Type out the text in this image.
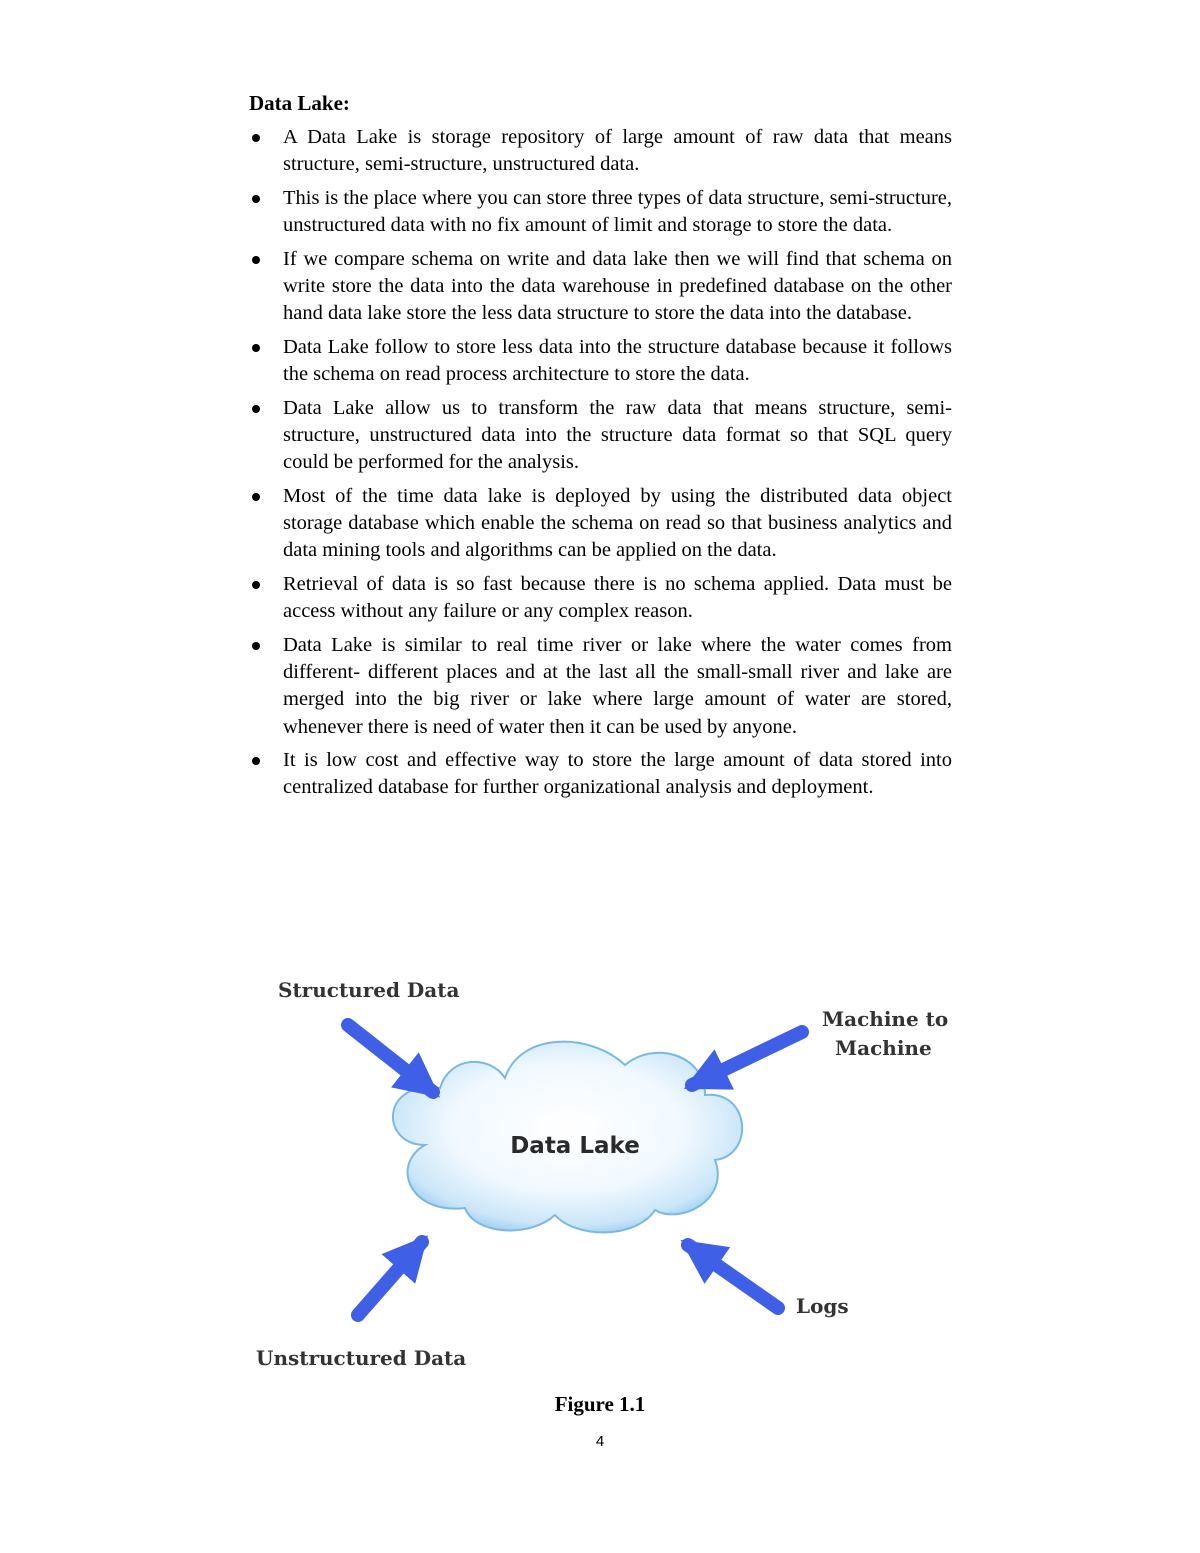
Data Lake:
A Data Lake is storage repository of large amount of raw data that means structure, semi-structure, unstructured data.
This is the place where you can store three types of data structure, semi-structure, unstructured data with no fix amount of limit and storage to store the data.
If we compare schema on write and data lake then we will find that schema on write store the data into the data warehouse in predefined database on the other hand data lake store the less data structure to store the data into the database.
Data Lake follow to store less data into the structure database because it follows the schema on read process architecture to store the data.
Data Lake allow us to transform the raw data that means structure, semi-structure, unstructured data into the structure data format so that SQL query could be performed for the analysis.
Most of the time data lake is deployed by using the distributed data object storage database which enable the schema on read so that business analytics and data mining tools and algorithms can be applied on the data.
Retrieval of data is so fast because there is no schema applied. Data must be access without any failure or any complex reason.
Data Lake is similar to real time river or lake where the water comes from different- different places and at the last all the small-small river and lake are merged into the big river or lake where large amount of water are stored, whenever there is need of water then it can be used by anyone.
It is low cost and effective way to store the large amount of data stored into centralized database for further organizational analysis and deployment.
Data Lake
Structured Data
Machine to
Machine
Unstructured Data
Logs
Figure 1.1
4
